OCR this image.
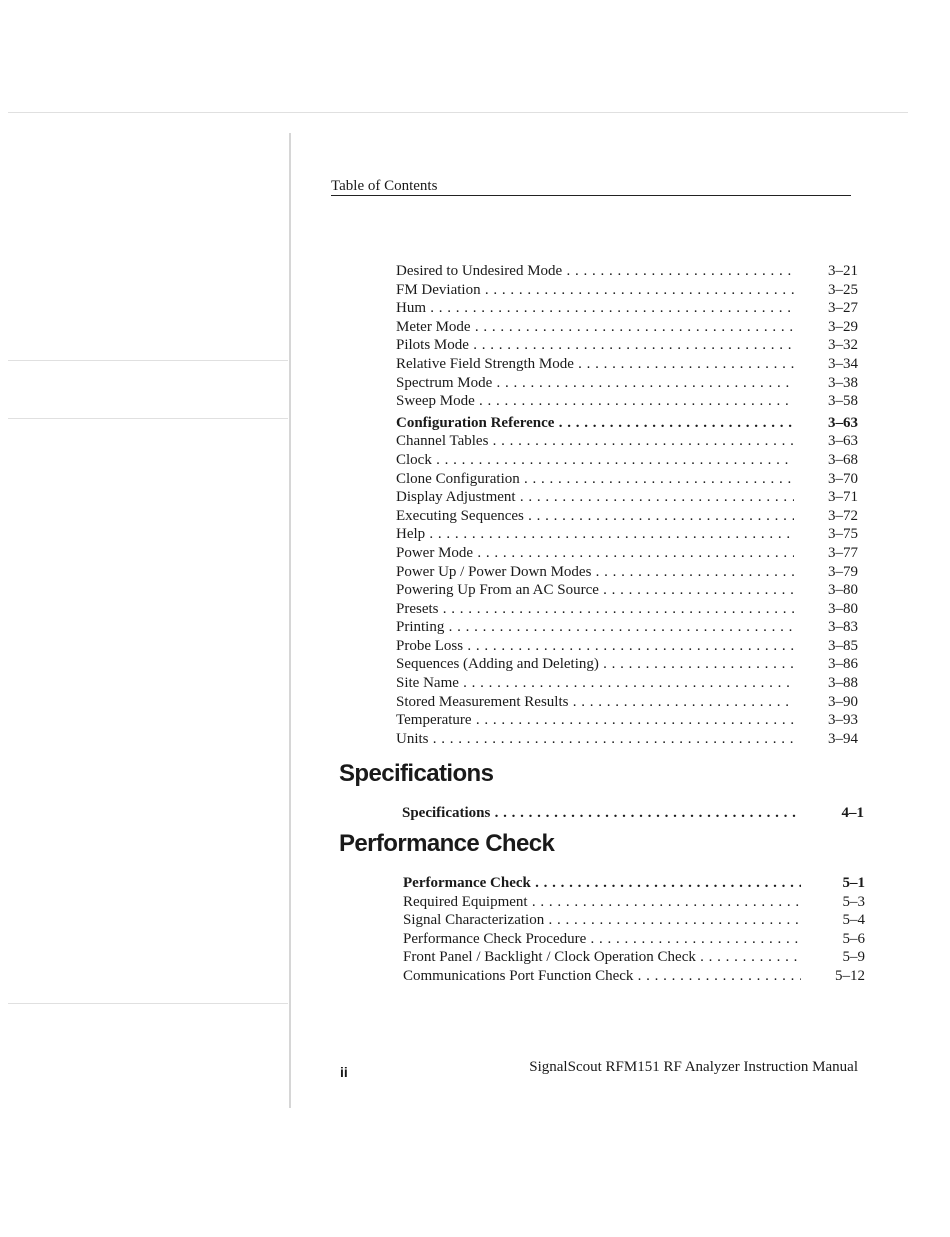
Table of Contents
Desired to Undesired Mode . . .	3–21
FM Deviation . . .	3–25
Hum . . .	3–27
Meter Mode . . .	3–29
Pilots Mode . . .	3–32
Relative Field Strength Mode . . .	3–34
Spectrum Mode . . .	3–38
Sweep Mode . . .	3–58
Configuration Reference . . .	3–63
Channel Tables . . .	3–63
Clock . . .	3–68
Clone Configuration . . .	3–70
Display Adjustment . . .	3–71
Executing Sequences . . .	3–72
Help . . .	3–75
Power Mode . . .	3–77
Power Up / Power Down Modes . . .	3–79
Powering Up From an AC Source . . .	3–80
Presets . . .	3–80
Printing . . .	3–83
Probe Loss . . .	3–85
Sequences (Adding and Deleting) . . .	3–86
Site Name . . .	3–88
Stored Measurement Results . . .	3–90
Temperature . . .	3–93
Units . . .	3–94
Specifications
Specifications . . .	4–1
Performance Check
Performance Check . . .	5–1
Required Equipment . . .	5–3
Signal Characterization . . .	5–4
Performance Check Procedure . . .	5–6
Front Panel / Backlight / Clock Operation Check . . .	5–9
Communications Port Function Check . . .	5–12
ii	SignalScout RFM151 RF Analyzer Instruction Manual
